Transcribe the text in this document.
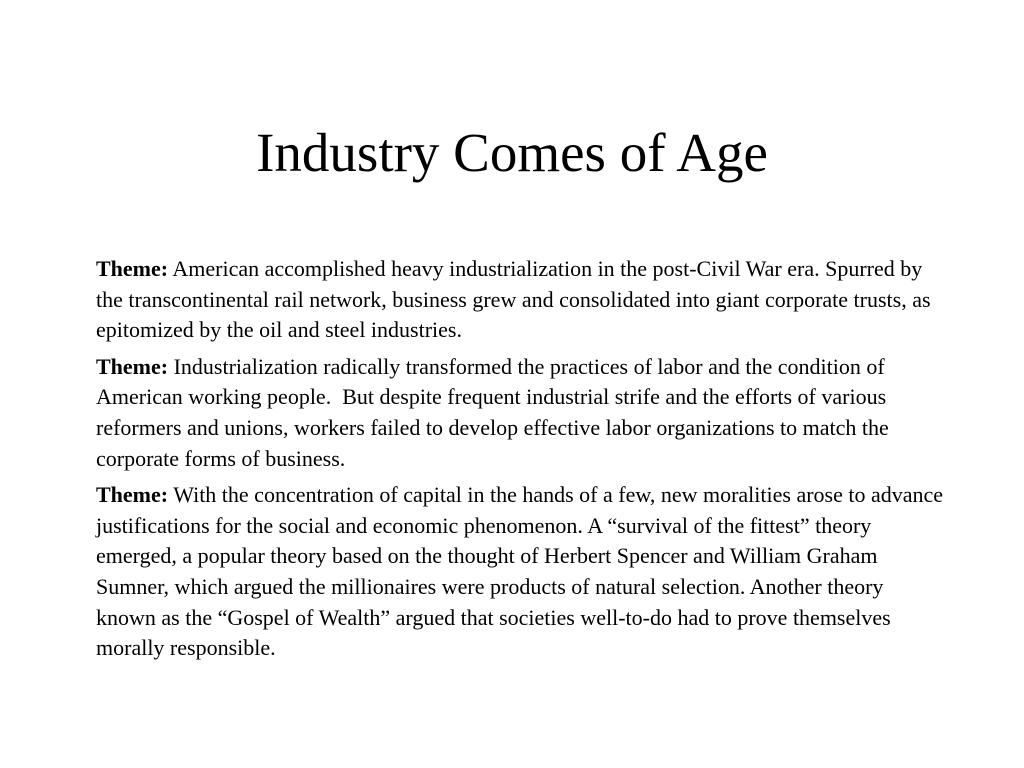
Industry Comes of Age

Theme: American accomplished heavy industrialization in the post-Civil War era. Spurred by the transcontinental rail network, business grew and consolidated into giant corporate trusts, as epitomized by the oil and steel industries.

Theme: Industrialization radically transformed the practices of labor and the condition of American working people.  But despite frequent industrial strife and the efforts of various reformers and unions, workers failed to develop effective labor organizations to match the corporate forms of business.

Theme: With the concentration of capital in the hands of a few, new moralities arose to advance justifications for the social and economic phenomenon. A “survival of the fittest” theory emerged, a popular theory based on the thought of Herbert Spencer and William Graham Sumner, which argued the millionaires were products of natural selection. Another theory known as the “Gospel of Wealth” argued that societies well-to-do had to prove themselves morally responsible.
